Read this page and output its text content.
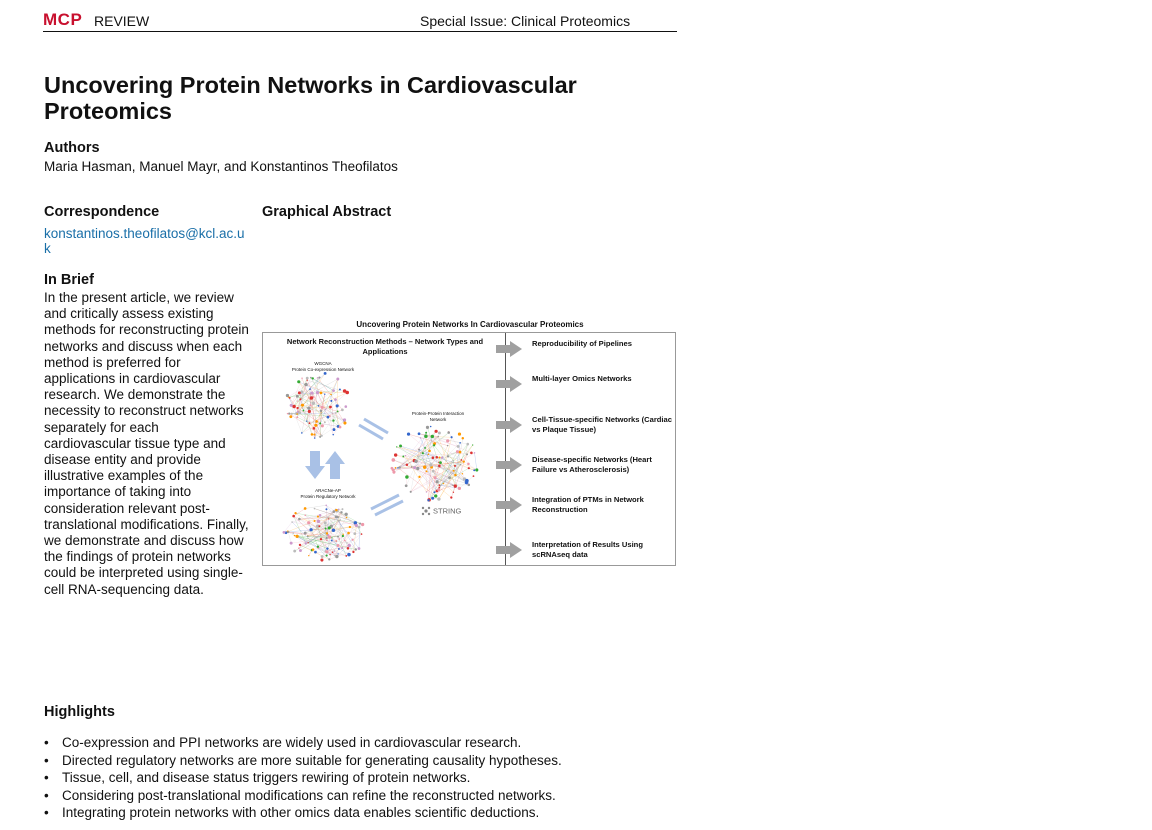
MCP REVIEW	Special Issue: Clinical Proteomics
Uncovering Protein Networks in Cardiovascular Proteomics
Authors
Maria Hasman, Manuel Mayr, and Konstantinos Theofilatos
Correspondence
konstantinos.theofilatos@kcl.ac.uk
In Brief
In the present article, we review and critically assess existing methods for reconstructing protein networks and discuss when each method is preferred for applications in cardiovascular research. We demonstrate the necessity to reconstruct networks separately for each cardiovascular tissue type and disease entity and provide illustrative examples of the importance of taking into consideration relevant post-translational modifications. Finally, we demonstrate and discuss how the findings of protein networks could be interpreted using single-cell RNA-sequencing data.
Graphical Abstract
Uncovering Protein Networks In Cardiovascular Proteomics
Network Reconstruction Methods – Network Types and Applications
STRING
WGCNA
Protein Co-expression Network
Protein-Protein Interaction
Network
ARACNe-AP
Protein Regulatory Network
Reproducibility of Pipelines
Multi-layer Omics Networks
Cell-Tissue-specific Networks (Cardiac vs Plaque Tissue)
Disease-specific Networks (Heart Failure vs Atherosclerosis)
Integration of PTMs in Network Reconstruction
Interpretation of Results Using scRNAseq data
Highlights
• Co-expression and PPI networks are widely used in cardiovascular research.
• Directed regulatory networks are more suitable for generating causality hypotheses.
• Tissue, cell, and disease status triggers rewiring of protein networks.
• Considering post-translational modifications can refine the reconstructed networks.
• Integrating protein networks with other omics data enables scientific deductions.
